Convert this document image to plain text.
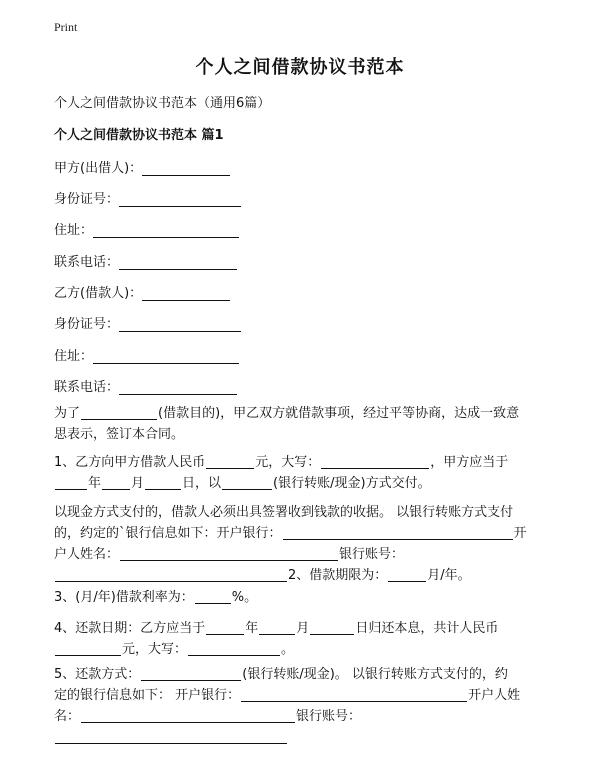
Print
个人之间借款协议书范本
个人之间借款协议书范本（通用6篇）
个人之间借款协议书范本 篇1
甲方(出借人)：
身份证号：
住址：
联系电话：
乙方(借款人)：
身份证号：
住址：
联系电话：
为了	(借款目的)，甲乙双方就借款事项，经过平等协商，达成一致意
思表示，签订本合同。
1、乙方向甲方借款人民币	元，大写：	，甲方应当于
年 月	日，以	(银行转账/现金)方式交付。
以现金方式支付的，借款人必须出具签署收到钱款的收据。 以银行转账方式支付
的，约定的`银行信息如下：开户银行：	开
户人姓名：	银行账号：
2、借款期限为：	月/年。
3、(月/年)借款利率为：	%。
4、还款日期：乙方应当于	年	月	日归还本息，共计人民币
元，大写：	。
5、还款方式：	(银行转账/现金)。 以银行转账方式支付的，约
定的银行信息如下： 开户银行：	开户人姓
名：	银行账号：
